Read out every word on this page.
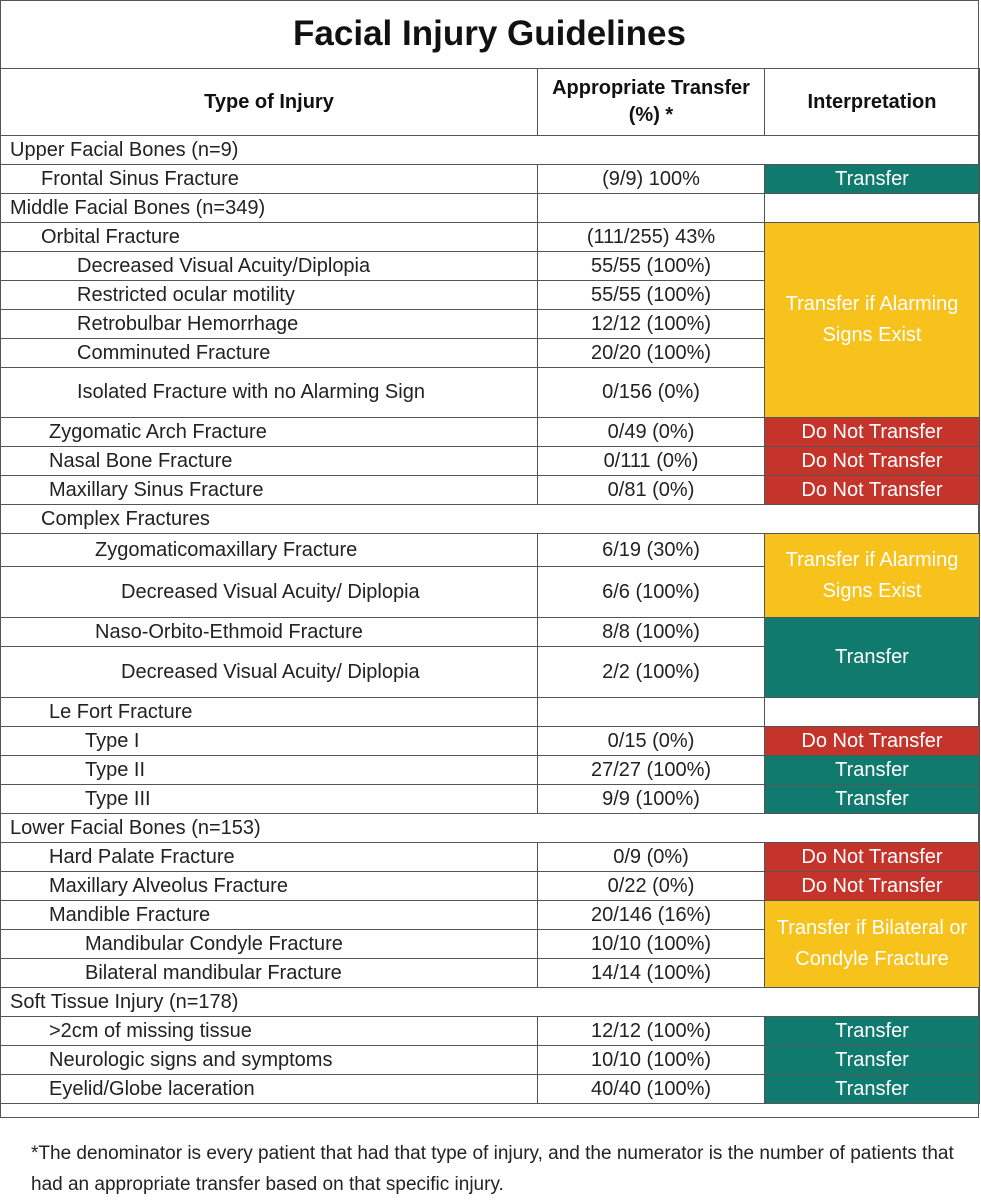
Facial Injury Guidelines
Type of Injury	Appropriate Transfer (%) *	Interpretation
Upper Facial Bones (n=9)		
Frontal Sinus Fracture	(9/9) 100%	Transfer
Middle Facial Bones (n=349)		
Orbital Fracture	(111/255) 43%	Transfer if Alarming Signs Exist
Decreased Visual Acuity/Diplopia	55/55 (100%)	
Restricted ocular motility	55/55 (100%)	
Retrobulbar Hemorrhage	12/12 (100%)	
Comminuted Fracture	20/20 (100%)	
Isolated Fracture with no Alarming Sign	0/156 (0%)	
Zygomatic Arch Fracture	0/49 (0%)	Do Not Transfer
Nasal Bone Fracture	0/111 (0%)	Do Not Transfer
Maxillary Sinus Fracture	0/81 (0%)	Do Not Transfer
Complex Fractures		
Zygomaticomaxillary Fracture	6/19 (30%)	Transfer if Alarming Signs Exist
Decreased Visual Acuity/ Diplopia	6/6 (100%)	
Naso-Orbito-Ethmoid Fracture	8/8 (100%)	Transfer
Decreased Visual Acuity/ Diplopia	2/2 (100%)	
Le Fort Fracture		
Type I	0/15 (0%)	Do Not Transfer
Type II	27/27 (100%)	Transfer
Type III	9/9 (100%)	Transfer
Lower Facial Bones (n=153)		
Hard Palate Fracture	0/9 (0%)	Do Not Transfer
Maxillary Alveolus Fracture	0/22 (0%)	Do Not Transfer
Mandible Fracture	20/146 (16%)	Transfer if Bilateral or Condyle Fracture
Mandibular Condyle Fracture	10/10 (100%)	
Bilateral mandibular Fracture	14/14 (100%)	
Soft Tissue Injury (n=178)		
>2cm of missing tissue	12/12 (100%)	Transfer
Neurologic signs and symptoms	10/10 (100%)	Transfer
Eyelid/Globe laceration	40/40 (100%)	Transfer
*The denominator is every patient that had that type of injury, and the numerator is the number of patients that had an appropriate transfer based on that specific injury.
